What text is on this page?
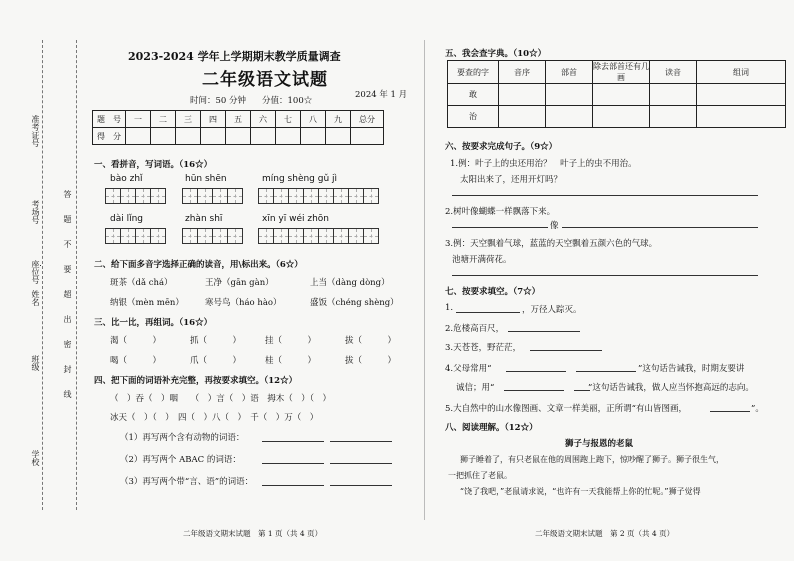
准考证号
考场号
座位号
姓名
班级
学校
答
题
不
要
超
出
密
封
线
2023-2024 学年上学期期末教学质量调查
二年级语文试题
时间：50 分钟 分值：100☆
2024 年 1 月
题　号	一	二	三	四	五	六	七	八	九	总分
得　分										
一、看拼音，写词语。（16☆）
bào zhǐ	hūn shēn	míng shèng gǔ jì
dài lǐng	zhàn shī	xīn yī wéi zhōn
二、给下面多音字选择正确的读音，用\标出来。（6☆）
斑茶（dǎ chá）	王净（gān gàn）	上当（dàng dòng）
纳银（mèn mēn） 寒号鸟（háo hào）	盛饭（chéng shèng）
三、比一比，再组词。（16☆）
渴（　　　）	抓（　　　）	挂（　　　）	拔（　　　）
喝（　　　）	爪（　　　）	桂（　　　）	拔（　　　）
四、把下面的词语补充完整，再按要求填空。（12☆）
（　）吞（　）咽　　（　）言（　）语　拇木（　）（　）
冰天（　）（　）　四（　）八（　）　千（　）万（　）
（1）再写两个含有动物的词语：
（2）再写两个 ABAC 的词语：
（3）再写两个带“言、语”的词语：
二年级语文期末试题　第 1 页（共 4 页）
五、我会查字典。（10☆）
要查的字	音序	部首	除去部首还有几画	读音	组词
敢					
治					
六、按要求完成句子。（9☆）
1.例：叶子上的虫还用治？　叶子上的虫不用治。
太阳出来了，还用开灯吗？
2.树叶像蝴蝶一样飘落下来。
像
3.例：天空飘着气球，蓝蓝的天空飘着五颜六色的气球。
池塘开满荷花。
七、按要求填空。（7☆）
1.	，万径人踪灭。
2.危楼高百尺，
3.天苍苍，野茫茫，
4.父母常用“	”这句话告诫我，时期友要讲
诚信；用“	”这句话告诫我，做人应当怀抱高远的志向。
5.大自然中的山水像图画、文章一样美丽，正所谓“有山皆图画，	”。
八、阅读理解。（12☆）
狮子与报恩的老鼠
狮子睡着了，有只老鼠在他的周围跑上跑下，惊吵醒了狮子。狮子很生气，
一把抓住了老鼠。
“饶了我吧，”老鼠请求说，“也许有一天我能帮上你的忙呢。”狮子觉得
二年级语文期末试题　第 2 页（共 4 页）
